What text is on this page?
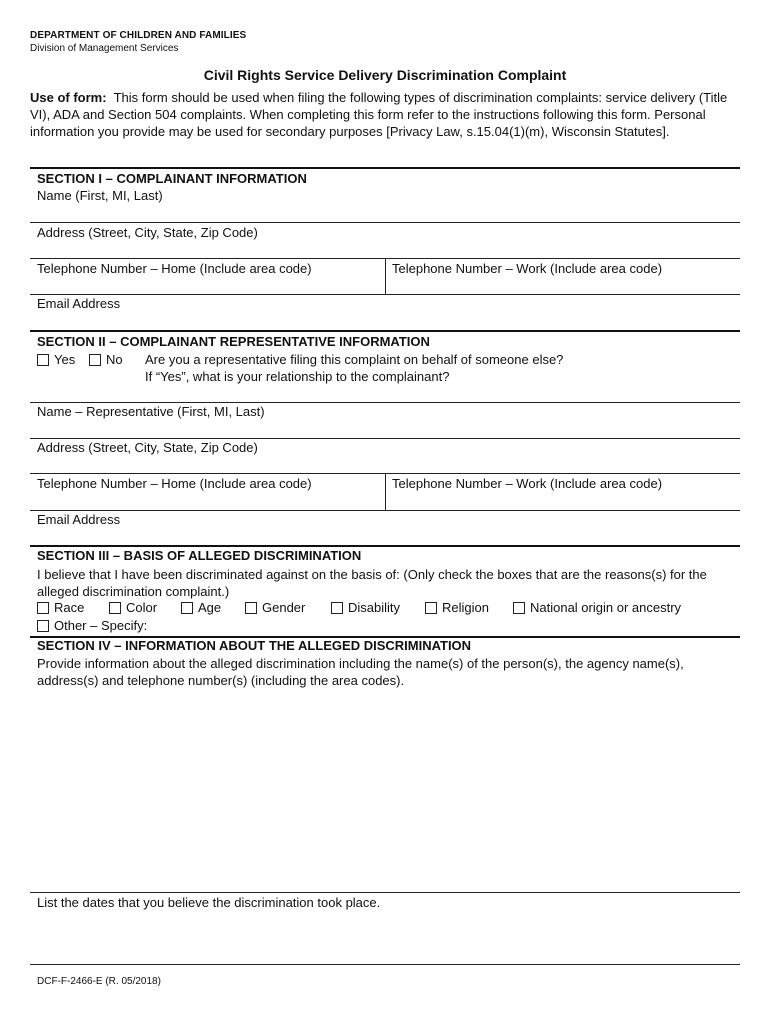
DEPARTMENT OF CHILDREN AND FAMILIES
Division of Management Services
Civil Rights Service Delivery Discrimination Complaint
Use of form: This form should be used when filing the following types of discrimination complaints: service delivery (Title VI), ADA and Section 504 complaints. When completing this form refer to the instructions following this form. Personal information you provide may be used for secondary purposes [Privacy Law, s.15.04(1)(m), Wisconsin Statutes].
SECTION I – COMPLAINANT INFORMATION
Name (First, MI, Last)
Address (Street, City, State, Zip Code)
Telephone Number – Home (Include area code)	Telephone Number – Work (Include area code)
Email Address
SECTION II – COMPLAINANT REPRESENTATIVE INFORMATION
Yes	No Are you a representative filing this complaint on behalf of someone else?
If “Yes”, what is your relationship to the complainant?
Name – Representative (First, MI, Last)
Address (Street, City, State, Zip Code)
Telephone Number – Home (Include area code)	Telephone Number – Work (Include area code)
Email Address
SECTION III – BASIS OF ALLEGED DISCRIMINATION
I believe that I have been discriminated against on the basis of: (Only check the boxes that are the reasons(s) for the alleged discrimination complaint.)
Race	Color	Age	Gender	Disability	Religion	National origin or ancestry
Other – Specify:
SECTION IV – INFORMATION ABOUT THE ALLEGED DISCRIMINATION
Provide information about the alleged discrimination including the name(s) of the person(s), the agency name(s), address(s) and telephone number(s) (including the area codes).
List the dates that you believe the discrimination took place.
DCF-F-2466-E (R. 05/2018)
